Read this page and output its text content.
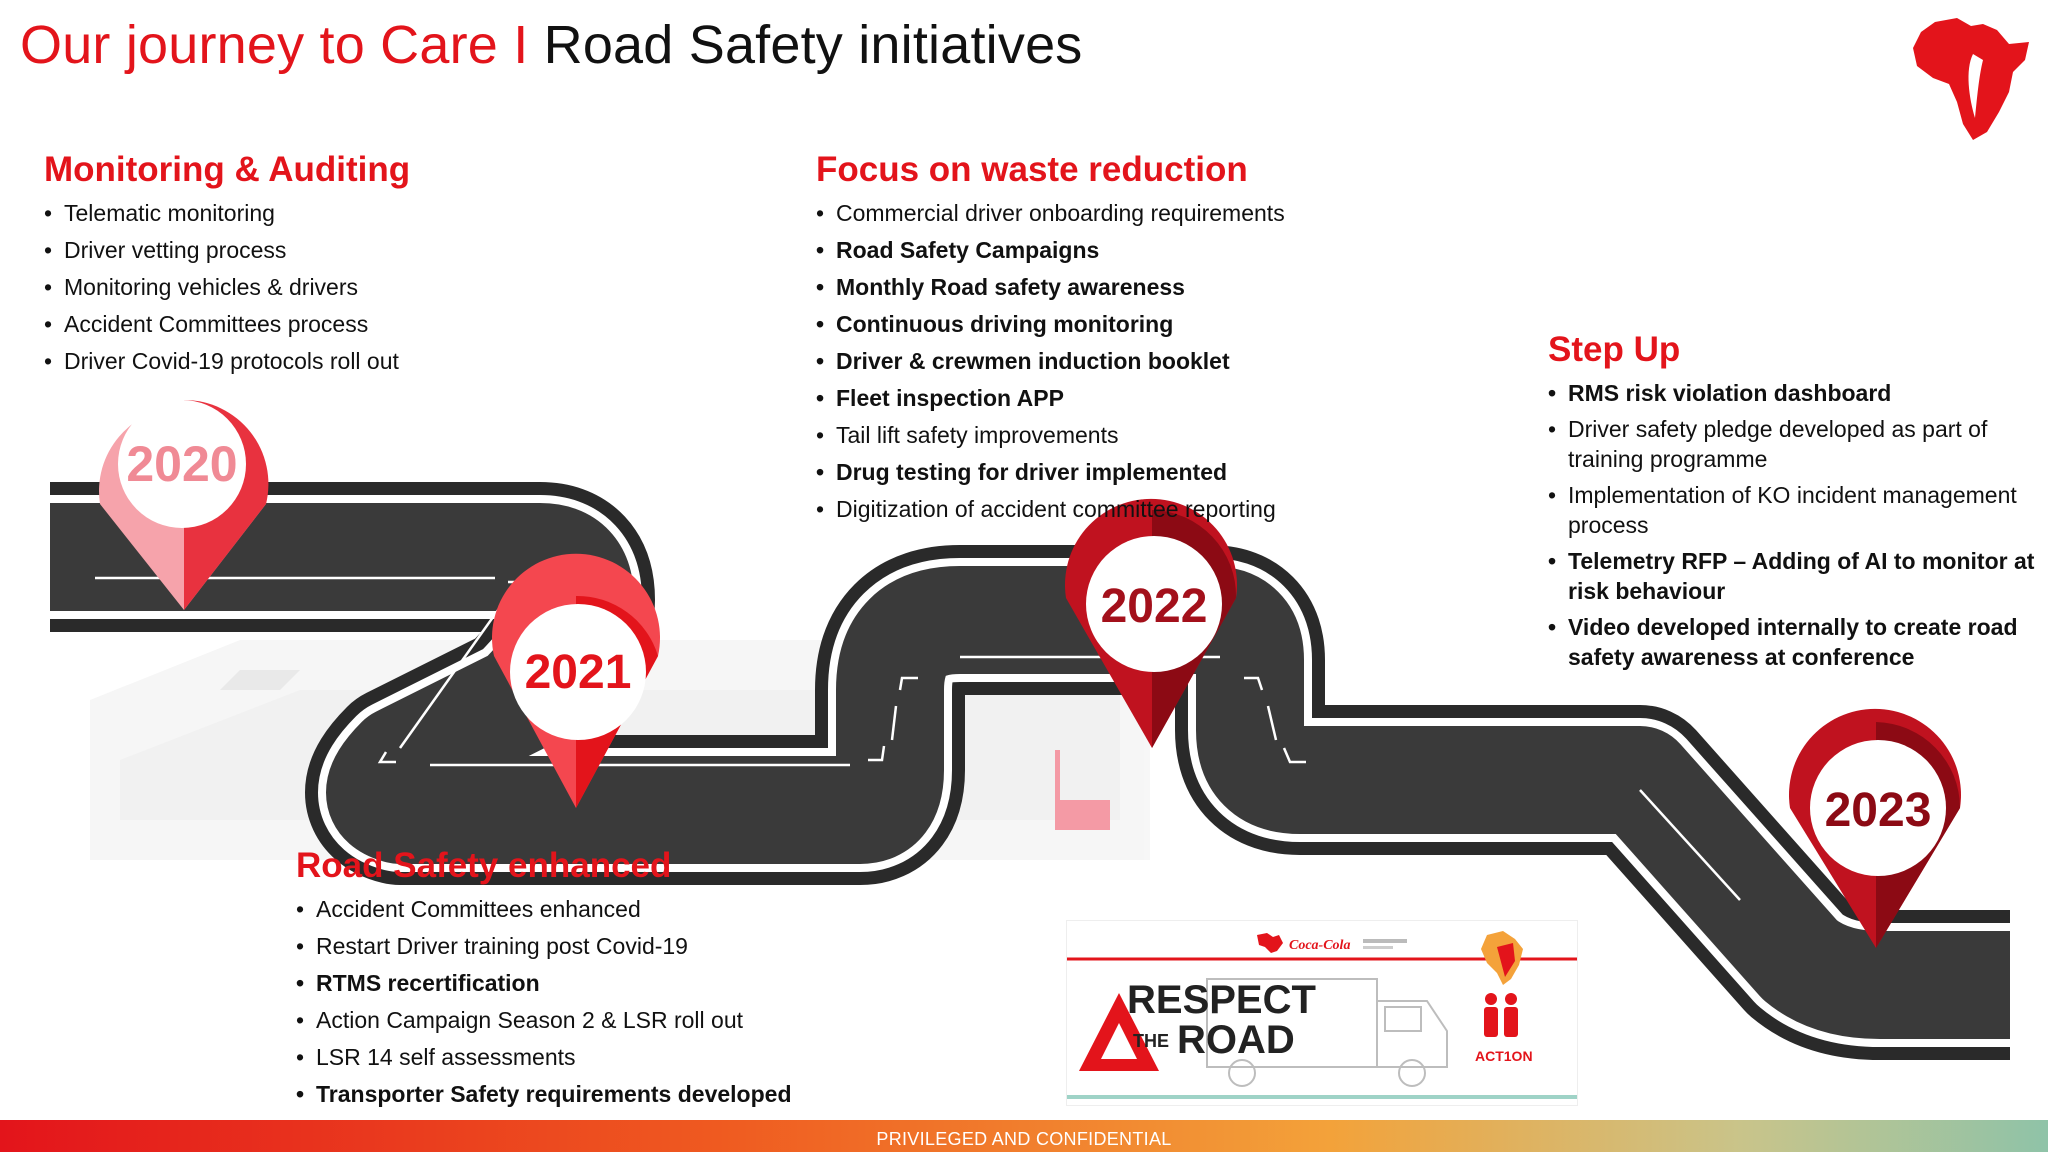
Our journey to Care I Road Safety initiatives
2020
2021
2022
2023
Monitoring & Auditing
• Telematic monitoring
• Driver vetting process
• Monitoring vehicles & drivers
• Accident Committees process
• Driver Covid-19 protocols roll out
Road Safety enhanced
• Accident Committees enhanced
• Restart Driver training post Covid-19
• RTMS recertification
• Action Campaign Season 2 & LSR roll out
• LSR 14 self assessments
• Transporter Safety requirements developed
Focus on waste reduction
• Commercial driver onboarding requirements
• Road Safety Campaigns
• Monthly Road safety awareness
• Continuous driving monitoring
• Driver & crewmen induction booklet
• Fleet inspection APP
• Tail lift safety improvements
• Drug testing for driver implemented
• Digitization of accident committee reporting
Step Up
• RMS risk violation dashboard
• Driver safety pledge developed as part of training programme
• Implementation of KO incident management process
• Telemetry RFP – Adding of AI to monitor at risk behaviour
• Video developed internally to create road safety awareness at conference
Coca-Cola
RESPECT
THE ROAD	ACT1ON
PRIVILEGED AND CONFIDENTIAL
